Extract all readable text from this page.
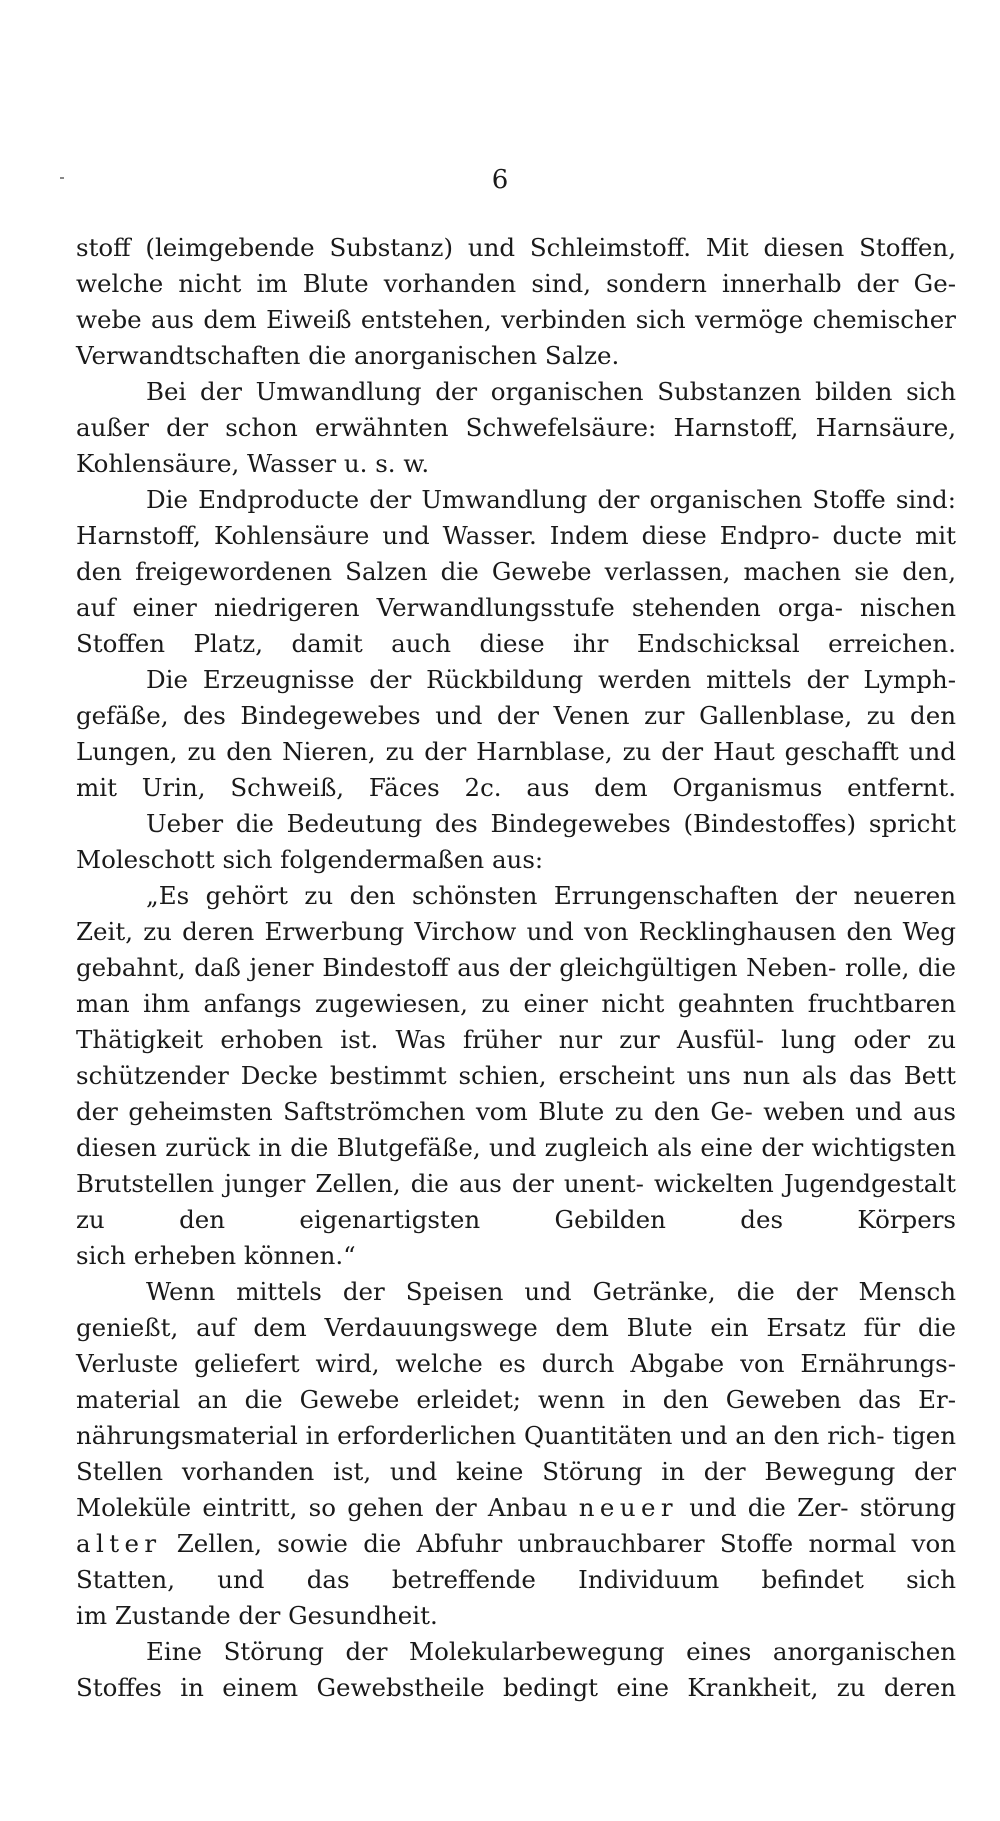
6

stoff (leimgebende Substanz) und Schleimstoff. Mit diesen Stoffen, welche nicht im Blute vorhanden sind, sondern innerhalb der Ge- webe aus dem Eiweiß entstehen, verbinden sich vermöge chemischer

Verwandtschaften die anorganischen Salze.

Bei der Umwandlung der organischen Substanzen bilden sich außer der schon erwähnten Schwefelsäure: Harnstoff, Harnsäure,

Kohlensäure, Wasser u. s. w.

Die Endproducte der Umwandlung der organischen Stoffe sind: Harnstoff, Kohlensäure und Wasser. Indem diese Endpro- ducte mit den freigewordenen Salzen die Gewebe verlassen, machen sie den, auf einer niedrigeren Verwandlungsstufe stehenden orga- nischen Stoffen Platz, damit auch diese ihr Endschicksal erreichen.

Die Erzeugnisse der Rückbildung werden mittels der Lymph- gefäße, des Bindegewebes und der Venen zur Gallenblase, zu den Lungen, zu den Nieren, zu der Harnblase, zu der Haut geschafft und mit Urin, Schweiß, Fäces 2c. aus dem Organismus entfernt.

Ueber die Bedeutung des Bindegewebes (Bindestoffes) spricht

Moleschott sich folgendermaßen aus:

„Es gehört zu den schönsten Errungenschaften der neueren Zeit, zu deren Erwerbung Virchow und von Recklinghausen den Weg gebahnt, daß jener Bindestoff aus der gleichgültigen Neben- rolle, die man ihm anfangs zugewiesen, zu einer nicht geahnten fruchtbaren Thätigkeit erhoben ist. Was früher nur zur Ausfül- lung oder zu schützender Decke bestimmt schien, erscheint uns nun als das Bett der geheimsten Saftströmchen vom Blute zu den Ge- weben und aus diesen zurück in die Blutgefäße, und zugleich als eine der wichtigsten Brutstellen junger Zellen, die aus der unent- wickelten Jugendgestalt zu den eigenartigsten Gebilden des Körpers

sich erheben können.“

Wenn mittels der Speisen und Getränke, die der Mensch genießt, auf dem Verdauungswege dem Blute ein Ersatz für die Verluste geliefert wird, welche es durch Abgabe von Ernährungs- material an die Gewebe erleidet; wenn in den Geweben das Er- nährungsmaterial in erforderlichen Quantitäten und an den rich- tigen Stellen vorhanden ist, und keine Störung in der Bewegung der Moleküle eintritt, so gehen der Anbau neuer und die Zer- störung alter Zellen, sowie die Abfuhr unbrauchbarer Stoffe normal von Statten, und das betreffende Individuum befindet sich

im Zustande der Gesundheit.

Eine Störung der Molekularbewegung eines anorganischen Stoffes in einem Gewebstheile bedingt eine Krankheit, zu deren
